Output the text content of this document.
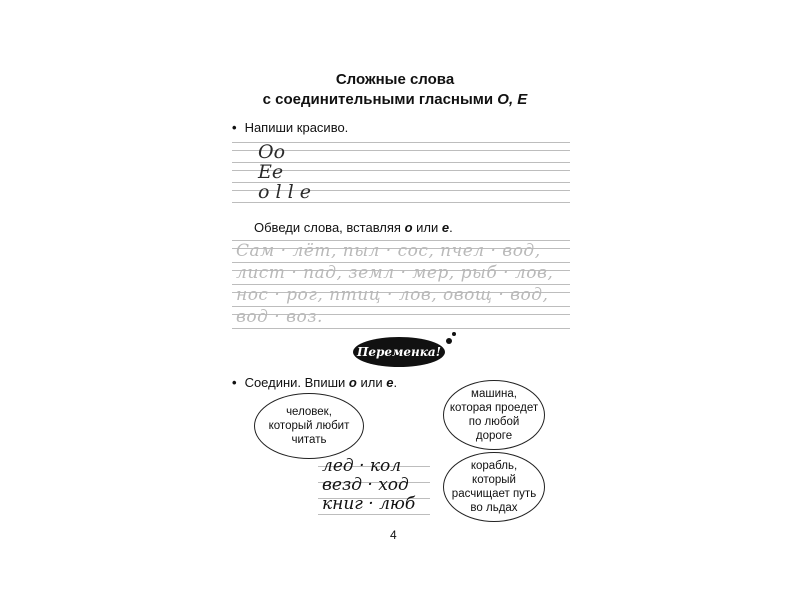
Сложные слова
с соединительными гласными О, Е
• Напиши красиво.
Оо
Ее
о l l е
Обведи слова, вставляя о или е.
Сам · лёт, пыл · сос, пчел · вод,
лист · пад, земл · мер, рыб · лов,
нос · рог, птиц · лов, овощ · вод,
вод · воз.
Переменка!
• Соедини. Впиши о или е.
человек,
который любит
читать
машина,
которая проедет
по любой
дороге
корабль,
который
расчищает путь
во льдах
лед · кол
везд · ход
книг · люб
4
